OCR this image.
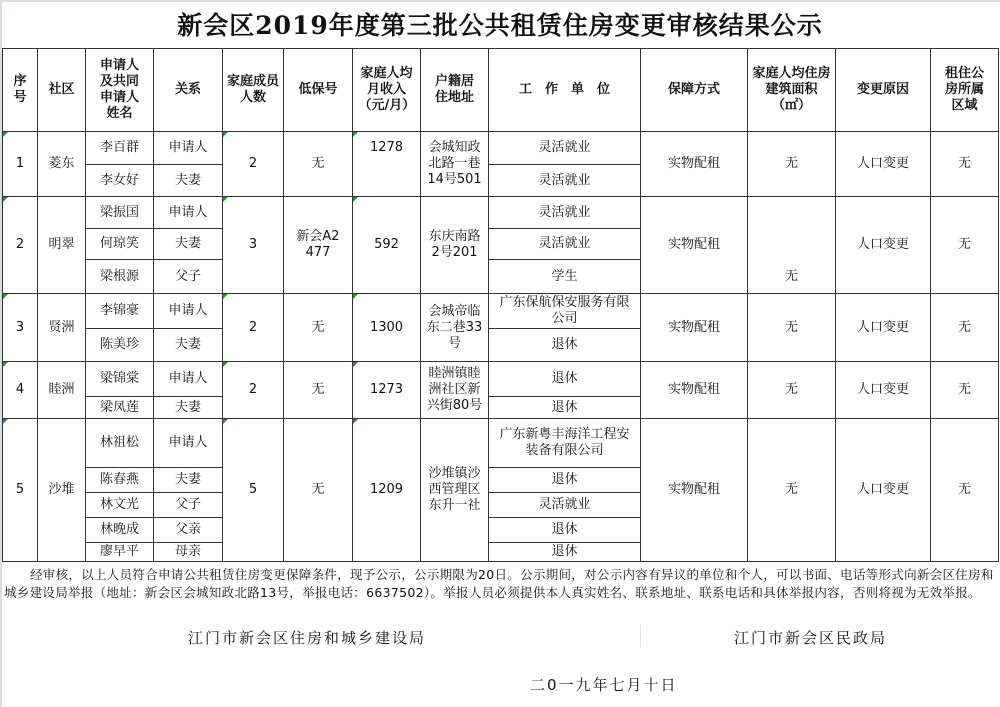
新会区2019年度第三批公共租赁住房变更审核结果公示
序号	社区	申请人及共同申请人姓名	关系	家庭成员人数	低保号	家庭人均月收入（元/月）	户籍居住地址	工　作　单　位	保障方式	家庭人均住房建筑面积（㎡）	变更原因	租住公房所属区域

1	菱东	李百群	申请人	2	无	1278	会城知政北路一巷14号501	灵活就业	实物配租	无	人口变更	无
		李女好	夫妻					灵活就业				

2	明翠	梁振国	申请人	3	新会A2477	592	东庆南路2号201	灵活就业	实物配租	无	人口变更	无
		何琼笑	夫妻					灵活就业				
		梁根源	父子					学生				

3	贤洲	李锦豪	申请人	2	无	1300	会城帝临东二巷33号	广东保航保安服务有限公司	实物配租	无	人口变更	无
		陈美珍	夫妻					退休				

4	睦洲	梁锦棠	申请人	2	无	1273	睦洲镇睦洲社区新兴街80号	退休	实物配租	无	人口变更	无
		梁凤莲	夫妻					退休				

5	沙堆	林祖松	申请人	5	无	1209	沙堆镇沙西管理区东升一社	广东新粤丰海洋工程安装备有限公司	实物配租	无	人口变更	无
		陈春燕	夫妻					退休				
		林文光	父子					灵活就业				
		林晚成	父亲					退休				
		廖早平	母亲					退休				
经审核，以上人员符合申请公共租赁住房变更保障条件，现予公示，公示期限为20日。公示期间，对公示内容有异议的单位和个人，可以书面、电话等形式向新会区住房和城乡建设局举报（地址：新会区会城知政北路13号，举报电话：6637502）。举报人员必须提供本人真实姓名、联系地址、联系电话和具体举报内容，否则将视为无效举报。
江门市新会区住房和城乡建设局	江门市新会区民政局
二0一九年七月十日
